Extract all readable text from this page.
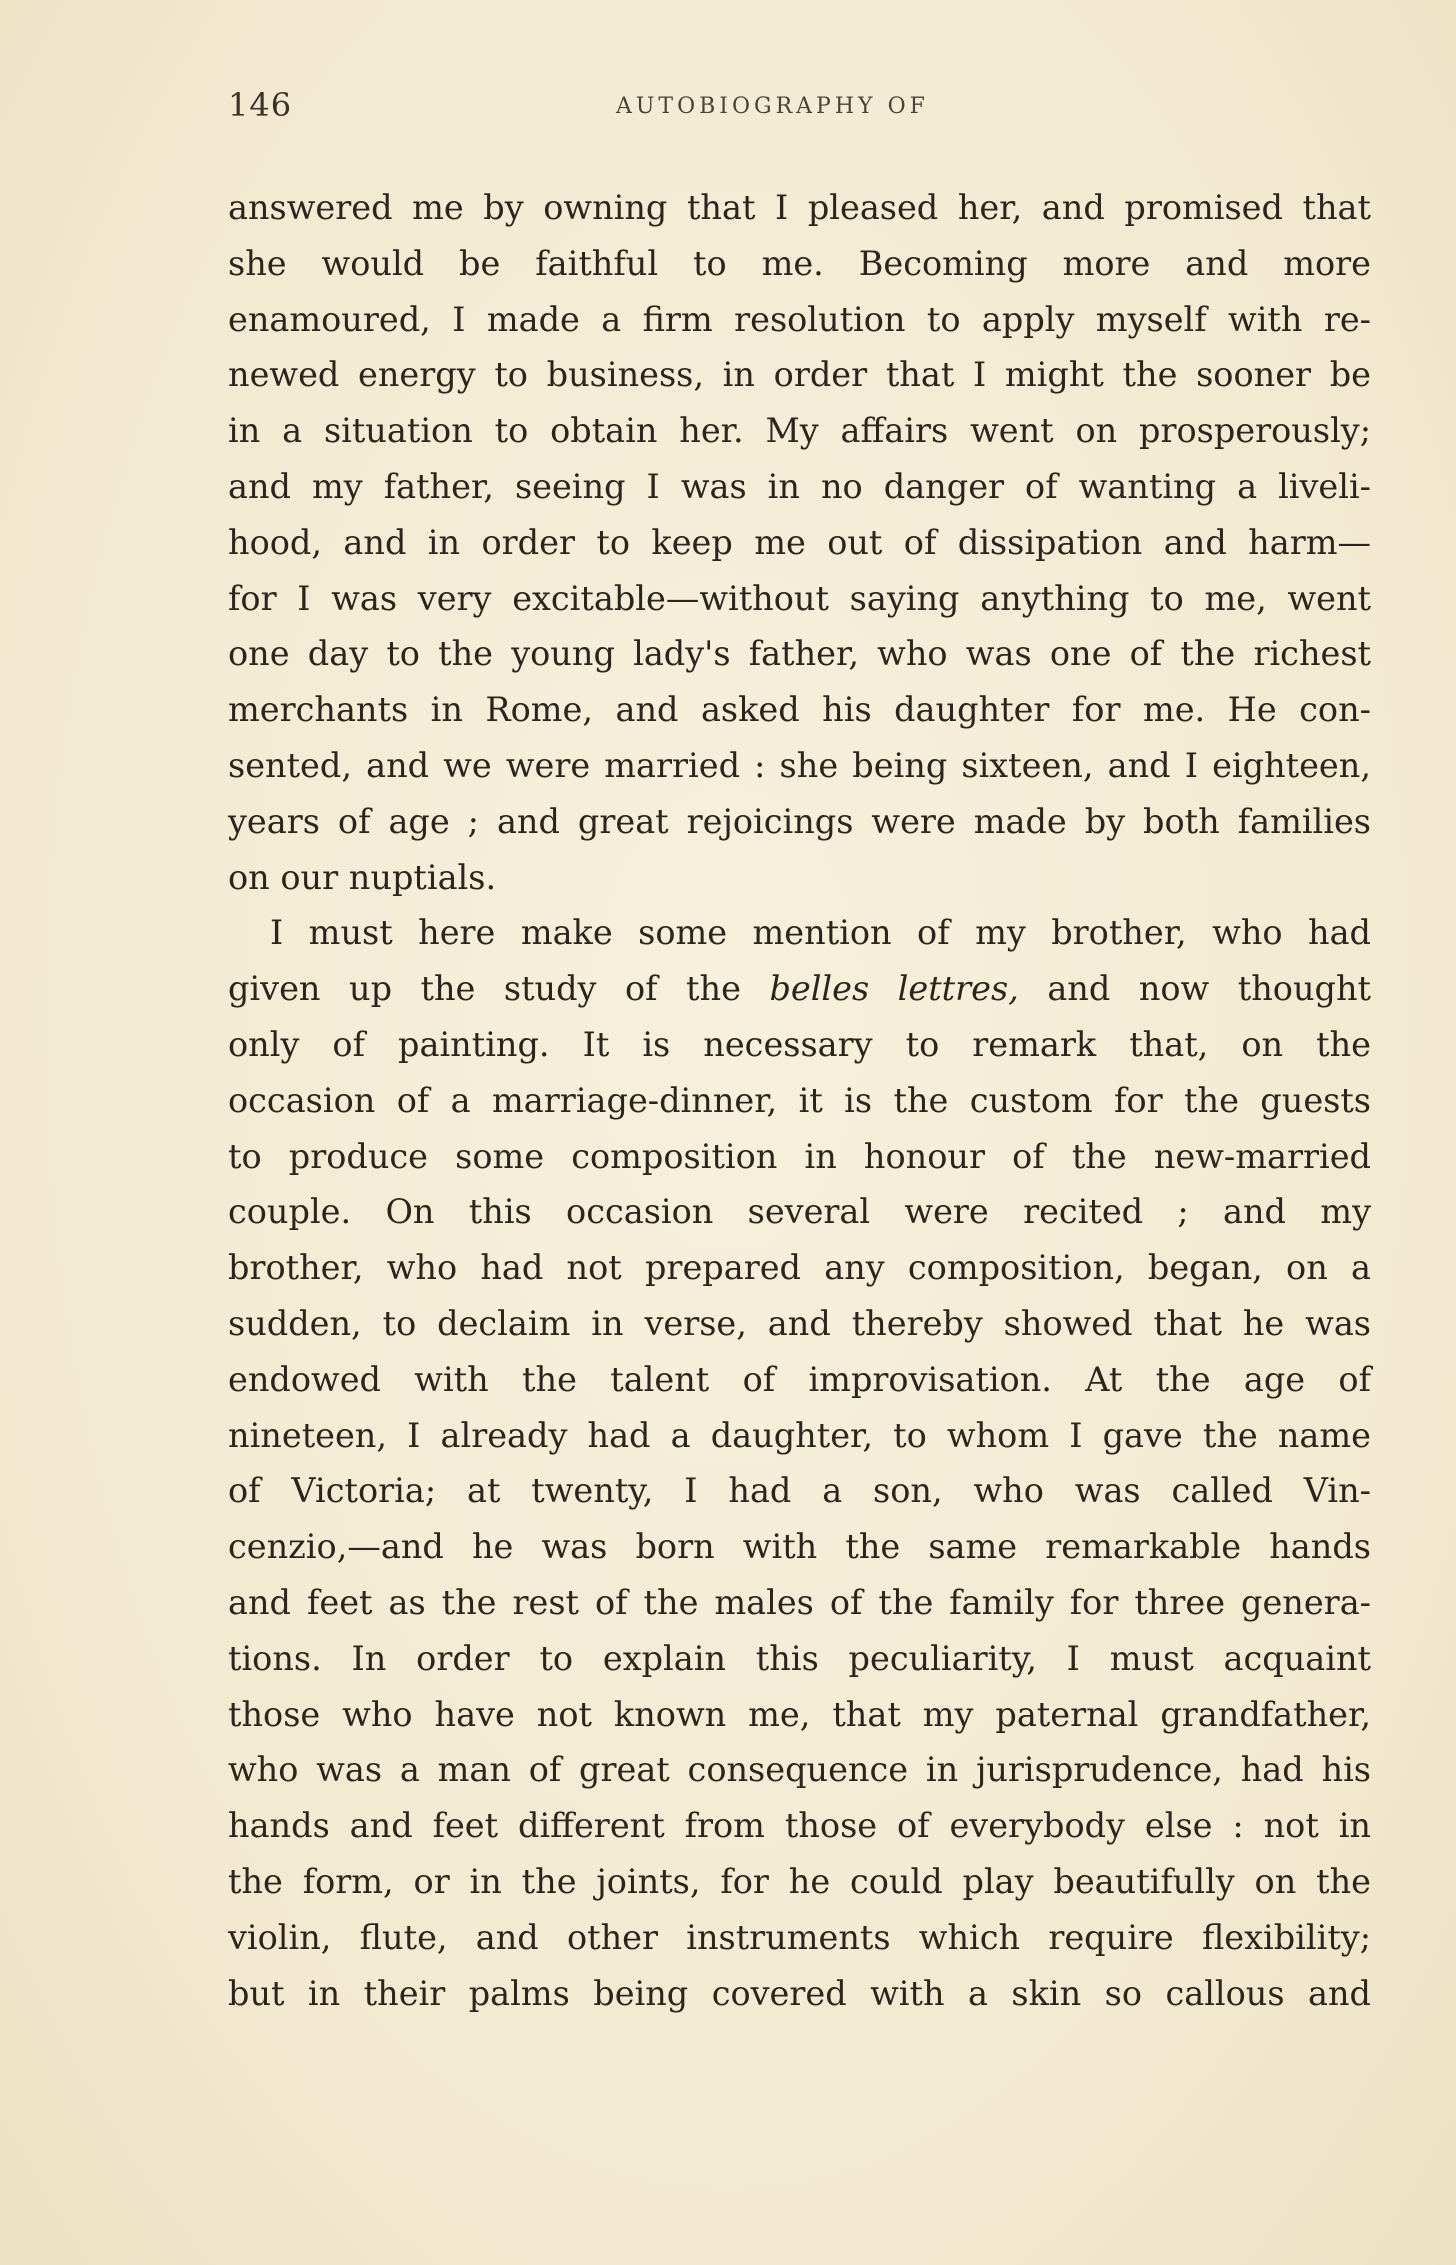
146	AUTOBIOGRAPHY OF
answered me by owning that I pleased her, and promised that
she would be faithful to me. Becoming more and more
enamoured, I made a firm resolution to apply myself with re-
newed energy to business, in order that I might the sooner be
in a situation to obtain her. My affairs went on prosperously;
and my father, seeing I was in no danger of wanting a liveli-
hood, and in order to keep me out of dissipation and harm—
for I was very excitable—without saying anything to me, went
one day to the young lady's father, who was one of the richest
merchants in Rome, and asked his daughter for me. He con-
sented, and we were married : she being sixteen, and I eighteen,
years of age ; and great rejoicings were made by both families
on our nuptials.
I must here make some mention of my brother, who had
given up the study of the belles lettres, and now thought
only of painting. It is necessary to remark that, on the
occasion of a marriage-dinner, it is the custom for the guests
to produce some composition in honour of the new-married
couple. On this occasion several were recited ; and my
brother, who had not prepared any composition, began, on a
sudden, to declaim in verse, and thereby showed that he was
endowed with the talent of improvisation. At the age of
nineteen, I already had a daughter, to whom I gave the name
of Victoria; at twenty, I had a son, who was called Vin-
cenzio,—and he was born with the same remarkable hands
and feet as the rest of the males of the family for three genera-
tions. In order to explain this peculiarity, I must acquaint
those who have not known me, that my paternal grandfather,
who was a man of great consequence in jurisprudence, had his
hands and feet different from those of everybody else : not in
the form, or in the joints, for he could play beautifully on the
violin, flute, and other instruments which require flexibility;
but in their palms being covered with a skin so callous and
